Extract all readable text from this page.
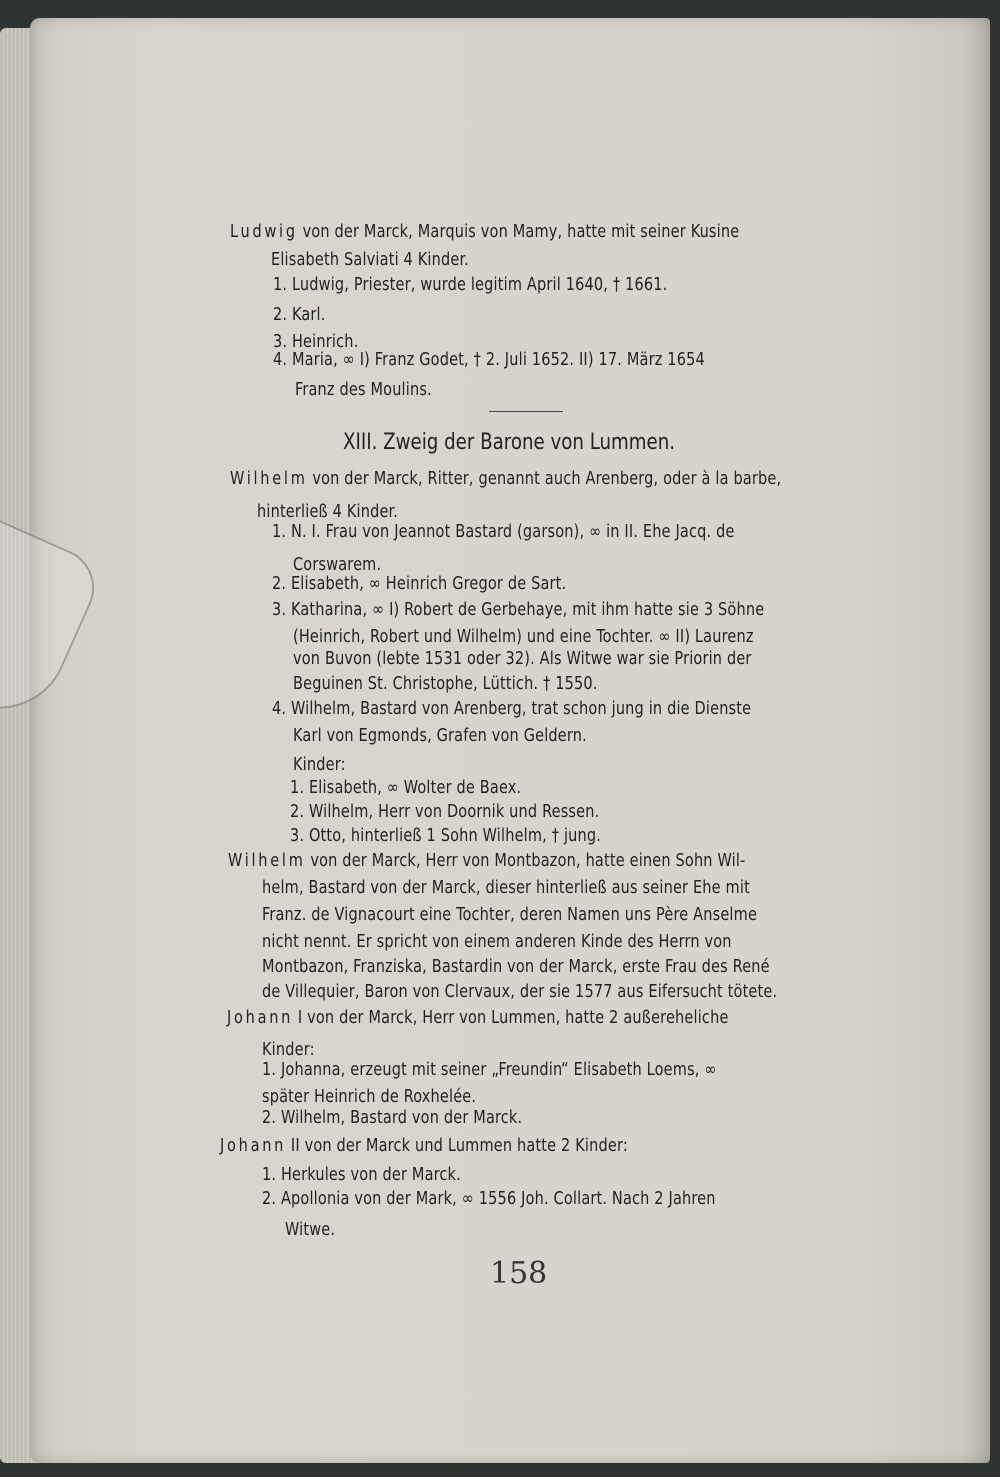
Ludwig von der Marck, Marquis von Mamy, hatte mit seiner Kusine
Elisabeth Salviati 4 Kinder.
1. Ludwig, Priester, wurde legitim April 1640, † 1661.
2. Karl.
3. Heinrich.
4. Maria, ∞ I) Franz Godet, † 2. Juli 1652. II) 17. März 1654
Franz des Moulins.
XIII. Zweig der Barone von Lummen.
Wilhelm von der Marck, Ritter, genannt auch Arenberg, oder à la barbe,
hinterließ 4 Kinder.
1. N. I. Frau von Jeannot Bastard (garson), ∞ in II. Ehe Jacq. de
Corswarem.
2. Elisabeth, ∞ Heinrich Gregor de Sart.
3. Katharina, ∞ I) Robert de Gerbehaye, mit ihm hatte sie 3 Söhne
(Heinrich, Robert und Wilhelm) und eine Tochter. ∞ II) Laurenz
von Buvon (lebte 1531 oder 32). Als Witwe war sie Priorin der
Beguinen St. Christophe, Lüttich. † 1550.
4. Wilhelm, Bastard von Arenberg, trat schon jung in die Dienste
Karl von Egmonds, Grafen von Geldern.
Kinder:
1. Elisabeth, ∞ Wolter de Baex.
2. Wilhelm, Herr von Doornik und Ressen.
3. Otto, hinterließ 1 Sohn Wilhelm, † jung.
Wilhelm von der Marck, Herr von Montbazon, hatte einen Sohn Wil-
helm, Bastard von der Marck, dieser hinterließ aus seiner Ehe mit
Franz. de Vignacourt eine Tochter, deren Namen uns Père Anselme
nicht nennt. Er spricht von einem anderen Kinde des Herrn von
Montbazon, Franziska, Bastardin von der Marck, erste Frau des René
de Villequier, Baron von Clervaux, der sie 1577 aus Eifersucht tötete.
Johann I von der Marck, Herr von Lummen, hatte 2 außereheliche
Kinder:
1. Johanna, erzeugt mit seiner „Freundin“ Elisabeth Loems, ∞
später Heinrich de Roxhelée.
2. Wilhelm, Bastard von der Marck.
Johann II von der Marck und Lummen hatte 2 Kinder:
1. Herkules von der Marck.
2. Apollonia von der Mark, ∞ 1556 Joh. Collart. Nach 2 Jahren
Witwe.
158
